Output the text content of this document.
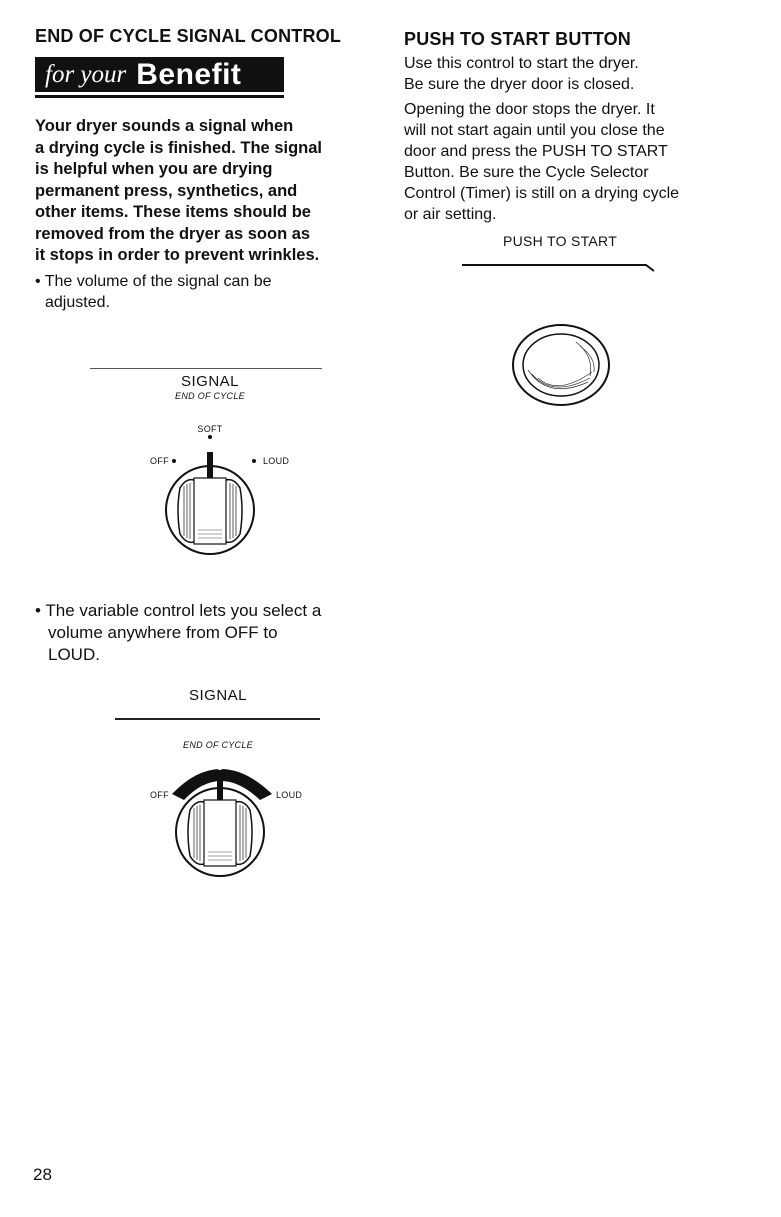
END OF CYCLE SIGNAL CONTROL
for your Benefit
Your dryer sounds a signal when
a drying cycle is finished. The signal
is helpful when you are drying
permanent press, synthetics, and
other items. These items should be
removed from the dryer as soon as
it stops in order to prevent wrinkles.
• The volume of the signal can be
adjusted.
SIGNAL
END OF CYCLE
SOFT
OFF	LOUD
• The variable control lets you select a
volume anywhere from OFF to
LOUD.
SIGNAL
END OF CYCLE
OFF	LOUD
PUSH TO START BUTTON
Use this control to start the dryer.
Be sure the dryer door is closed.
Opening the door stops the dryer. It
will not start again until you close the
door and press the PUSH TO START
Button. Be sure the Cycle Selector
Control (Timer) is still on a drying cycle
or air setting.
PUSH TO START
28
